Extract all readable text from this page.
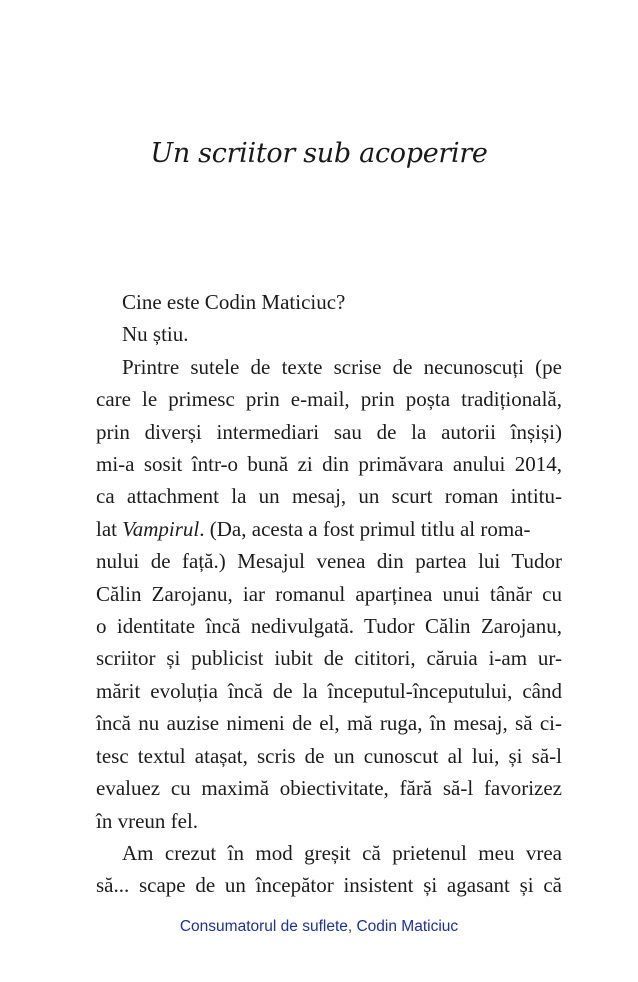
Un scriitor sub acoperire
Cine este Codin Maticiuc?
Nu știu.
Printre sutele de texte scrise de necunoscuți (pe
care le primesc prin e-mail, prin poșta tradițională,
prin diverși intermediari sau de la autorii înșiși)
mi-a sosit într-o bună zi din primăvara anului 2014,
ca attachment la un mesaj, un scurt roman intitu-
lat Vampirul. (Da, acesta a fost primul titlu al roma-
nului de față.) Mesajul venea din partea lui Tudor
Călin Zarojanu, iar romanul aparținea unui tânăr cu
o identitate încă nedivulgată. Tudor Călin Zarojanu,
scriitor și publicist iubit de cititori, căruia i-am ur-
mărit evoluția încă de la începutul-începutului, când
încă nu auzise nimeni de el, mă ruga, în mesaj, să ci-
tesc textul atașat, scris de un cunoscut al lui, și să-l
evaluez cu maximă obiectivitate, fără să-l favorizez
în vreun fel.
Am crezut în mod greșit că prietenul meu vrea
să... scape de un începător insistent și agasant și că
Consumatorul de suflete, Codin Maticiuc
